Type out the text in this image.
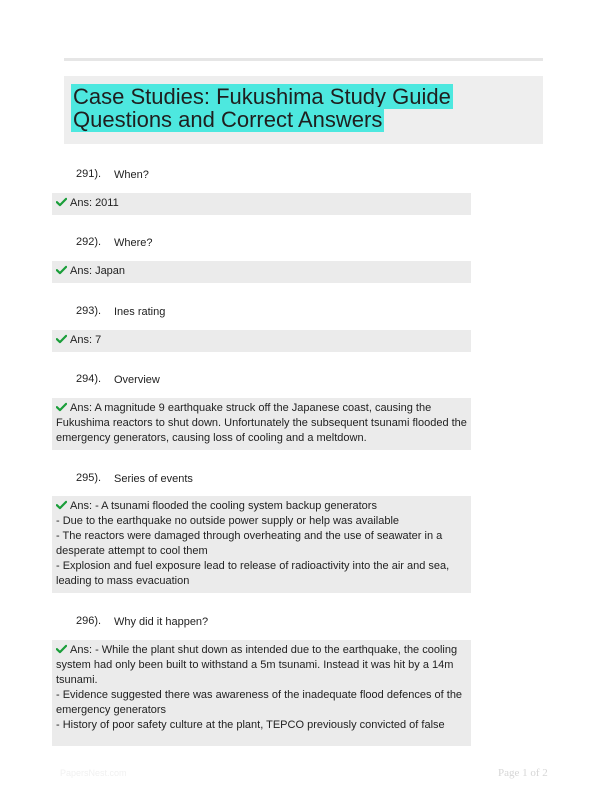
Case Studies: Fukushima Study Guide Questions and Correct Answers
291). When?
Ans: 2011
292). Where?
Ans: Japan
293). Ines rating
Ans: 7
294). Overview
Ans: A magnitude 9 earthquake struck off the Japanese coast, causing the
Fukushima reactors to shut down. Unfortunately the subsequent tsunami flooded the
emergency generators, causing loss of cooling and a meltdown.
295). Series of events
Ans: - A tsunami flooded the cooling system backup generators
- Due to the earthquake no outside power supply or help was available
- The reactors were damaged through overheating and the use of seawater in a
desperate attempt to cool them
- Explosion and fuel exposure lead to release of radioactivity into the air and sea,
leading to mass evacuation
296). Why did it happen?
Ans: - While the plant shut down as intended due to the earthquake, the cooling
system had only been built to withstand a 5m tsunami. Instead it was hit by a 14m
tsunami.
- Evidence suggested there was awareness of the inadequate flood defences of the
emergency generators
- History of poor safety culture at the plant, TEPCO previously convicted of false
PapersNest.com	Page 1 of 2
